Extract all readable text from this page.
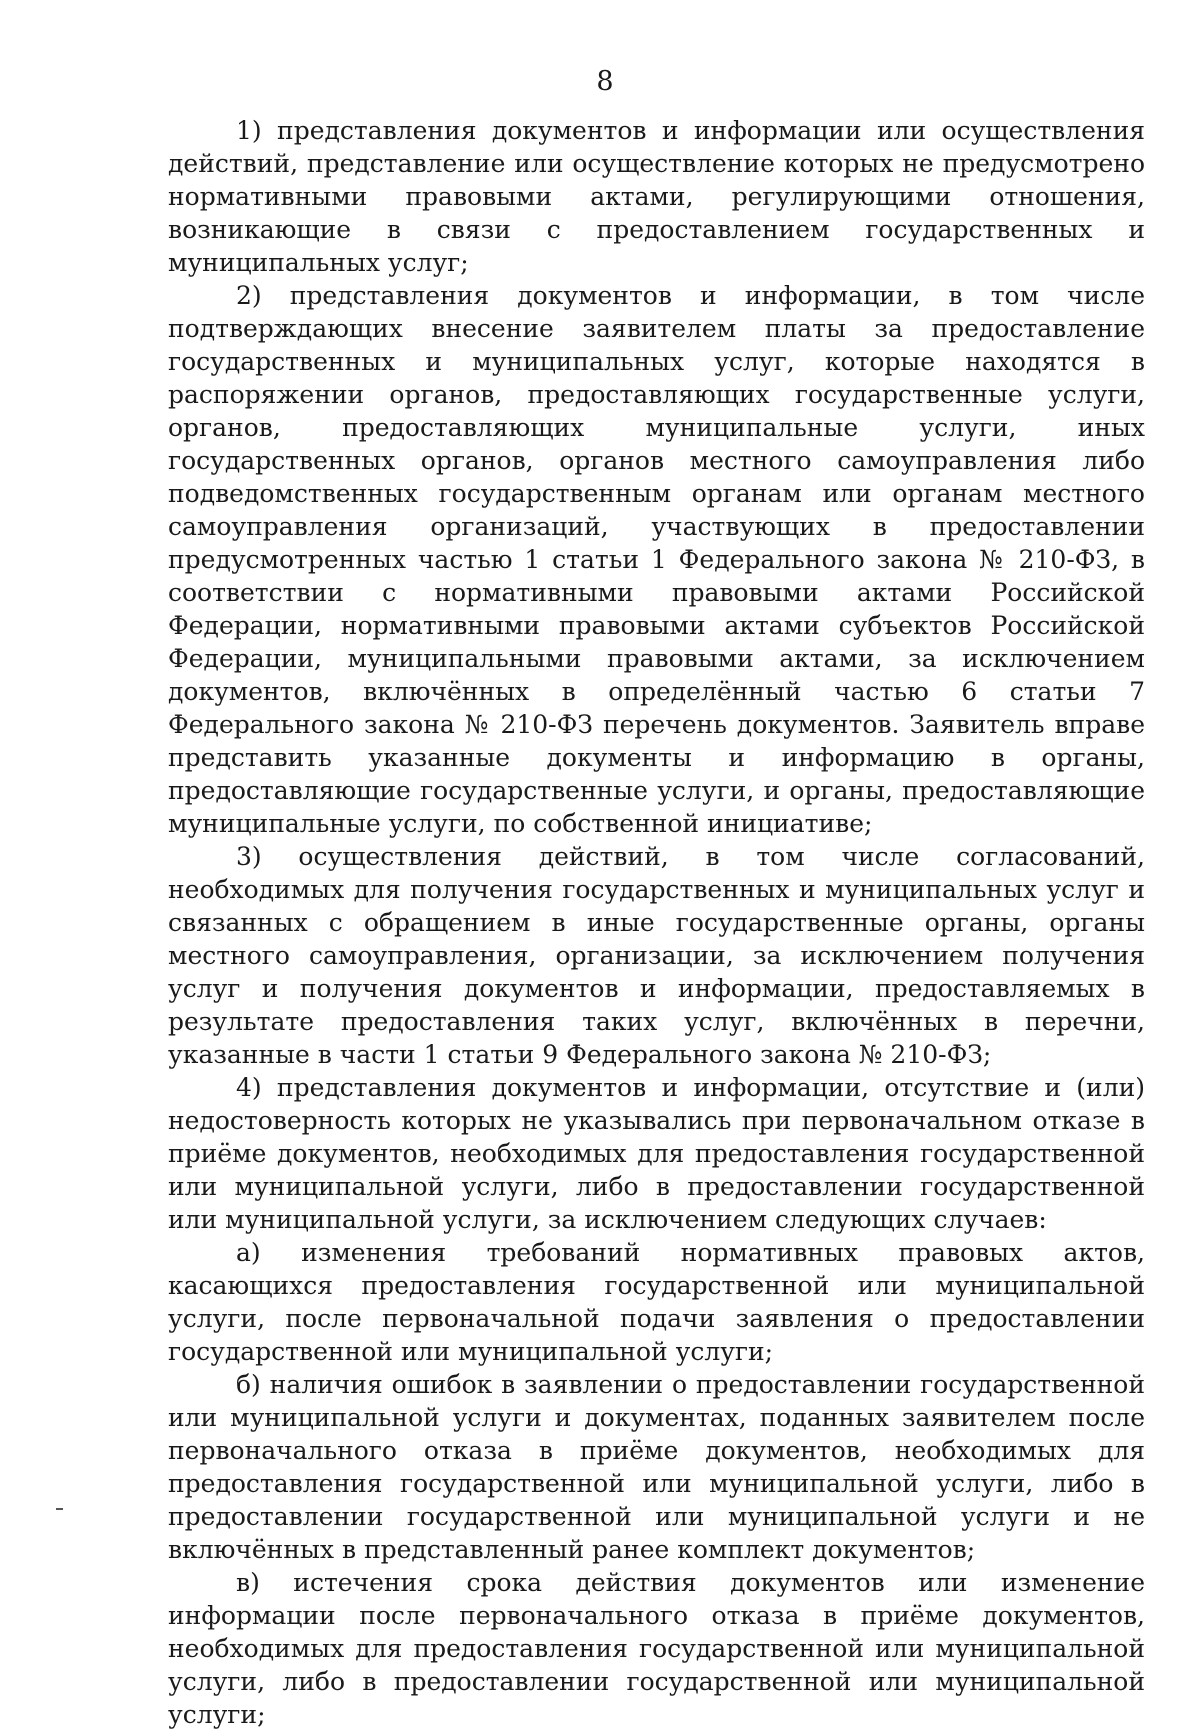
8

1) представления документов и информации или осуществления действий, представление или осуществление которых не предусмотрено нормативными правовыми актами, регулирующими отношения, возникающие в связи с предоставлением государственных и муниципальных услуг;

2) представления документов и информации, в том числе подтверждающих внесение заявителем платы за предоставление государственных и муниципальных услуг, которые находятся в распоряжении органов, предоставляющих государственные услуги, органов, предоставляющих муниципальные услуги, иных государственных органов, органов местного самоуправления либо подведомственных государственным органам или органам местного самоуправления организаций, участвующих в предоставлении предусмотренных частью 1 статьи 1 Федерального закона № 210-ФЗ, в соответствии с нормативными правовыми актами Российской Федерации, нормативными правовыми актами субъектов Российской Федерации, муниципальными правовыми актами, за исключением документов, включённых в определённый частью 6 статьи 7 Федерального закона № 210-ФЗ перечень документов. Заявитель вправе представить указанные документы и информацию в органы, предоставляющие государственные услуги, и органы, предоставляющие муниципальные услуги, по собственной инициативе;

3) осуществления действий, в том числе согласований, необходимых для получения государственных и муниципальных услуг и связанных с обращением в иные государственные органы, органы местного самоуправления, организации, за исключением получения услуг и получения документов и информации, предоставляемых в результате предоставления таких услуг, включённых в перечни, указанные в части 1 статьи 9 Федерального закона № 210-ФЗ;

4) представления документов и информации, отсутствие и (или) недостоверность которых не указывались при первоначальном отказе в приёме документов, необходимых для предоставления государственной или муниципальной услуги, либо в предоставлении государственной или муниципальной услуги, за исключением следующих случаев:

а) изменения требований нормативных правовых актов, касающихся предоставления государственной или муниципальной услуги, после первоначальной подачи заявления о предоставлении государственной или муниципальной услуги;

б) наличия ошибок в заявлении о предоставлении государственной или муниципальной услуги и документах, поданных заявителем после первоначального отказа в приёме документов, необходимых для предоставления государственной или муниципальной услуги, либо в предоставлении государственной или муниципальной услуги и не включённых в представленный ранее комплект документов;

в) истечения срока действия документов или изменение информации после первоначального отказа в приёме документов, необходимых для предоставления государственной или муниципальной услуги, либо в предоставлении государственной или муниципальной услуги;
